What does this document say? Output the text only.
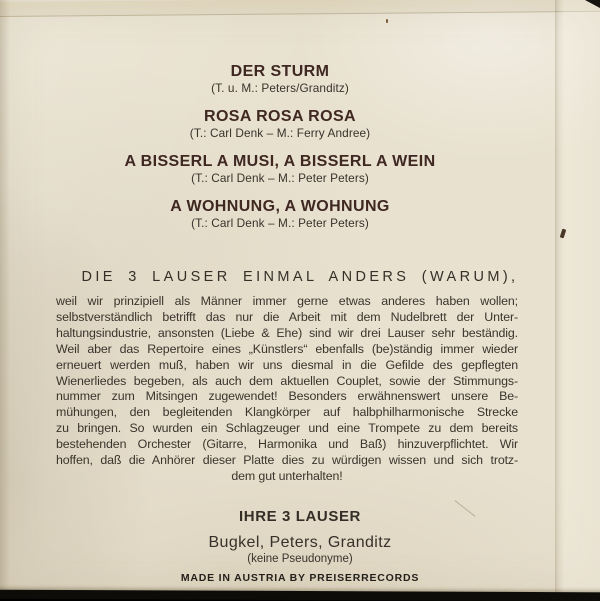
DER STURM
(T. u. M.: Peters/Granditz)
ROSA ROSA ROSA
(T.: Carl Denk – M.: Ferry Andree)
A BISSERL A MUSI, A BISSERL A WEIN
(T.: Carl Denk – M.: Peter Peters)
A WOHNUNG, A WOHNUNG
(T.: Carl Denk – M.: Peter Peters)
DIE 3 LAUSER EINMAL ANDERS (WARUM),
weil wir prinzipiell als Männer immer gerne etwas anderes haben wollen;
selbstverständlich betrifft das nur die Arbeit mit dem Nudelbrett der Unter-
haltungsindustrie, ansonsten (Liebe & Ehe) sind wir drei Lauser sehr beständig.
Weil aber das Repertoire eines „Künstlers“ ebenfalls (be)ständig immer wieder
erneuert werden muß, haben wir uns diesmal in die Gefilde des gepflegten
Wienerliedes begeben, als auch dem aktuellen Couplet, sowie der Stimmungs-
nummer zum Mitsingen zugewendet! Besonders erwähnenswert unsere Be-
mühungen, den begleitenden Klangkörper auf halbphilharmonische Strecke
zu bringen. So wurden ein Schlagzeuger und eine Trompete zu dem bereits
bestehenden Orchester (Gitarre, Harmonika und Baß) hinzuverpflichtet. Wir
hoffen, daß die Anhörer dieser Platte dies zu würdigen wissen und sich trotz-
dem gut unterhalten!
IHRE 3 LAUSER
Bugkel, Peters, Granditz
(keine Pseudonyme)
MADE IN AUSTRIA BY PREISERRECORDS
